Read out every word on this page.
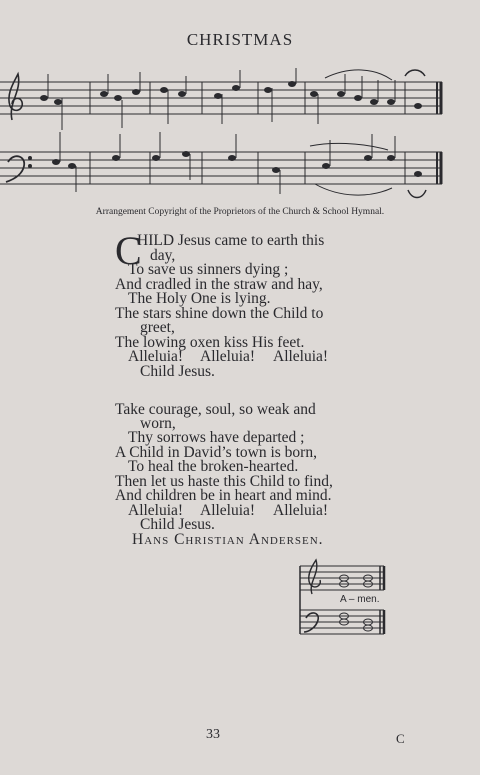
CHRISTMAS
Arrangement Copyright of the Proprietors of the Church & School Hymnal.
C
HILD Jesus came to earth this
day,
To save us sinners dying ;
And cradled in the straw and hay,
The Holy One is lying.
The stars shine down the Child to
greet,
The lowing oxen kiss His feet.
Alleluia! Alleluia! Alleluia!
Child Jesus.
Take courage, soul, so weak and
worn,
Thy sorrows have departed ;
A Child in David’s town is born,
To heal the broken-hearted.
Then let us haste this Child to find,
And children be in heart and mind.
Alleluia! Alleluia! Alleluia!
Child Jesus.
Hans Christian Andersen.
A – men.
33	C
